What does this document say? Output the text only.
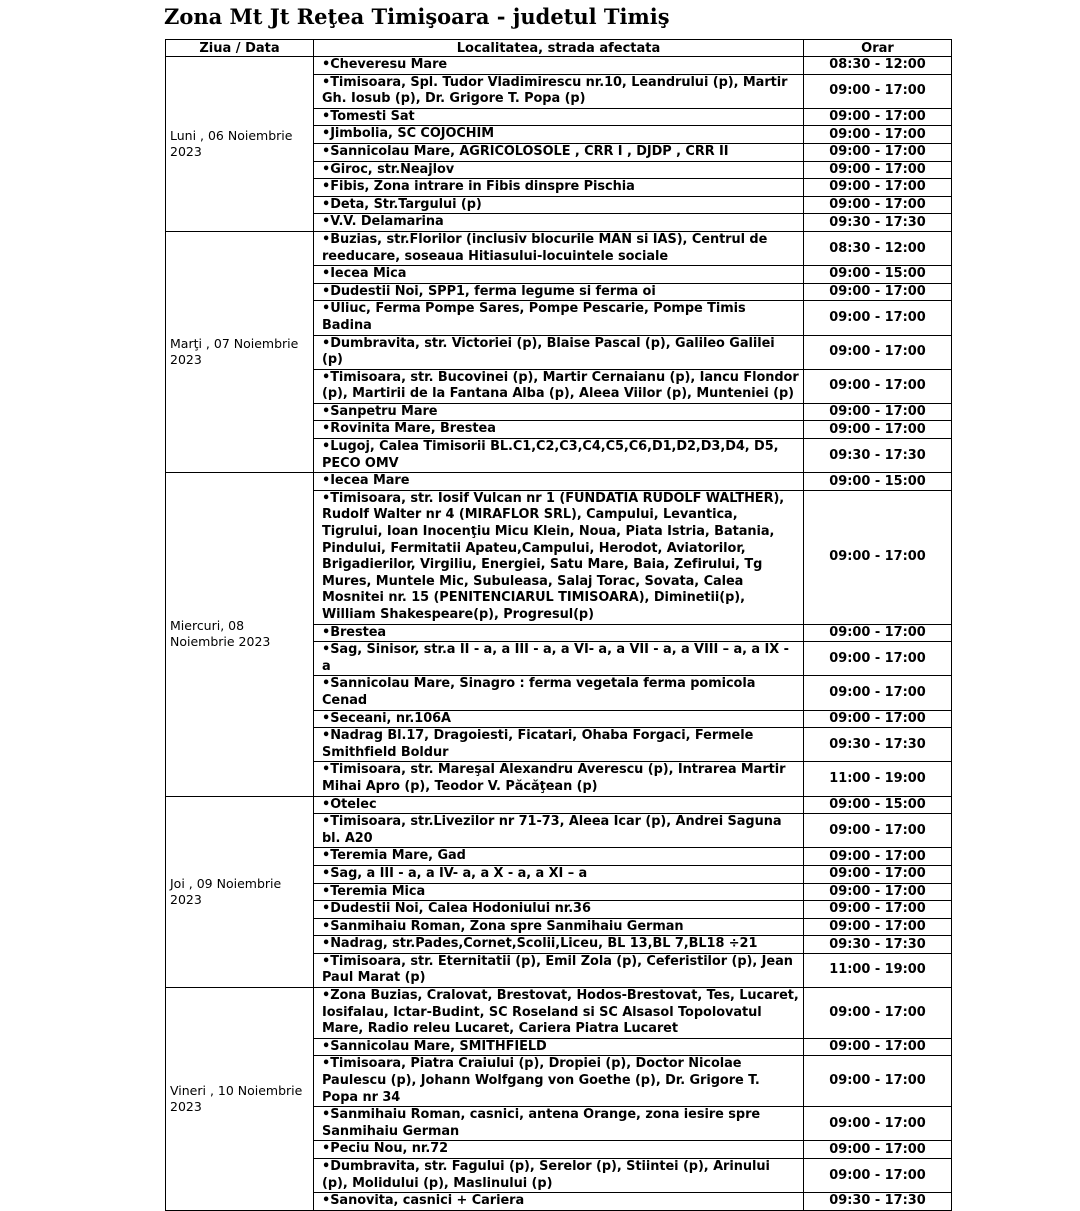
Zona Mt Jt Reţea Timişoara - judetul Timiş
Ziua / Data	Localitatea, strada afectata	Orar
Luni , 06 Noiembrie 2023	•Cheveresu Mare	08:30 - 12:00
	•Timisoara, Spl. Tudor Vladimirescu nr.10, Leandrului (p), Martir Gh. Iosub (p), Dr. Grigore T. Popa (p)	09:00 - 17:00
	•Tomesti Sat	09:00 - 17:00
	•Jimbolia, SC COJOCHIM	09:00 - 17:00
	•Sannicolau Mare, AGRICOLOSOLE , CRR I , DJDP , CRR II	09:00 - 17:00
	•Giroc, str.Neajlov	09:00 - 17:00
	•Fibis, Zona intrare in Fibis dinspre Pischia	09:00 - 17:00
	•Deta, Str.Targului (p)	09:00 - 17:00
	•V.V. Delamarina	09:30 - 17:30
Marţi , 07 Noiembrie 2023	•Buzias, str.Florilor (inclusiv blocurile MAN si IAS), Centrul de reeducare, soseaua Hitiasului-locuintele sociale	08:30 - 12:00
	•Iecea Mica	09:00 - 15:00
	•Dudestii Noi, SPP1, ferma legume si ferma oi	09:00 - 17:00
	•Uliuc, Ferma Pompe Sares, Pompe Pescarie, Pompe Timis Badina	09:00 - 17:00
	•Dumbravita, str. Victoriei (p), Blaise Pascal (p), Galileo Galilei (p)	09:00 - 17:00
	•Timisoara, str. Bucovinei (p), Martir Cernaianu (p), Iancu Flondor (p), Martirii de la Fantana Alba (p), Aleea Viilor (p), Munteniei (p)	09:00 - 17:00
	•Sanpetru Mare	09:00 - 17:00
	•Rovinita Mare, Brestea	09:00 - 17:00
	•Lugoj, Calea Timisorii BL.C1,C2,C3,C4,C5,C6,D1,D2,D3,D4, D5, PECO OMV	09:30 - 17:30
Miercuri, 08 Noiembrie 2023	•Iecea Mare	09:00 - 15:00
	•Timisoara, str. Iosif Vulcan nr 1 (FUNDATIA RUDOLF WALTHER), Rudolf Walter nr 4 (MIRAFLOR SRL), Campului, Levantica, Tigrului, Ioan Inocenţiu Micu Klein, Noua, Piata Istria, Batania, Pindului, Fermitatii Apateu,Campului, Herodot, Aviatorilor, Brigadierilor, Virgiliu, Energiei, Satu Mare, Baia, Zefirului, Tg Mures, Muntele Mic, Subuleasa, Salaj Torac, Sovata, Calea Mosnitei nr. 15 (PENITENCIARUL TIMISOARA), Diminetii(p), William Shakespeare(p), Progresul(p)	09:00 - 17:00
	•Brestea	09:00 - 17:00
	•Sag, Sinisor, str.a II - a, a III - a, a VI- a, a VII - a, a VIII – a, a IX - a	09:00 - 17:00
	•Sannicolau Mare, Sinagro : ferma vegetala ferma pomicola Cenad	09:00 - 17:00
	•Seceani, nr.106A	09:00 - 17:00
	•Nadrag Bl.17, Dragoiesti, Ficatari, Ohaba Forgaci, Fermele Smithfield Boldur	09:30 - 17:30
	•Timisoara, str. Mareşal Alexandru Averescu (p), Intrarea Martir Mihai Apro (p), Teodor V. Păcăţean (p)	11:00 - 19:00
Joi , 09 Noiembrie 2023	•Otelec	09:00 - 15:00
	•Timisoara, str.Livezilor nr 71-73, Aleea Icar (p), Andrei Saguna bl. A20	09:00 - 17:00
	•Teremia Mare, Gad	09:00 - 17:00
	•Sag, a III - a, a IV- a, a X - a, a XI – a	09:00 - 17:00
	•Teremia Mica	09:00 - 17:00
	•Dudestii Noi, Calea Hodoniului nr.36	09:00 - 17:00
	•Sanmihaiu Roman, Zona spre Sanmihaiu German	09:00 - 17:00
	•Nadrag, str.Pades,Cornet,Scolii,Liceu, BL 13,BL 7,BL18 ÷21	09:30 - 17:30
	•Timisoara, str. Eternitatii (p), Emil Zola (p), Ceferistilor (p), Jean Paul Marat (p)	11:00 - 19:00
Vineri , 10 Noiembrie 2023	•Zona Buzias, Cralovat, Brestovat, Hodos-Brestovat, Tes, Lucaret, Iosifalau, Ictar-Budint, SC Roseland si SC Alsasol Topolovatul Mare, Radio releu Lucaret, Cariera Piatra Lucaret	09:00 - 17:00
	•Sannicolau Mare, SMITHFIELD	09:00 - 17:00
	•Timisoara, Piatra Craiului (p), Dropiei (p), Doctor Nicolae Paulescu (p), Johann Wolfgang von Goethe (p), Dr. Grigore T. Popa nr 34	09:00 - 17:00
	•Sanmihaiu Roman, casnici, antena Orange, zona iesire spre Sanmihaiu German	09:00 - 17:00
	•Peciu Nou, nr.72	09:00 - 17:00
	•Dumbravita, str. Fagului (p), Serelor (p), Stiintei (p), Arinului (p), Molidului (p), Maslinului (p)	09:00 - 17:00
	•Sanovita, casnici + Cariera	09:30 - 17:30
